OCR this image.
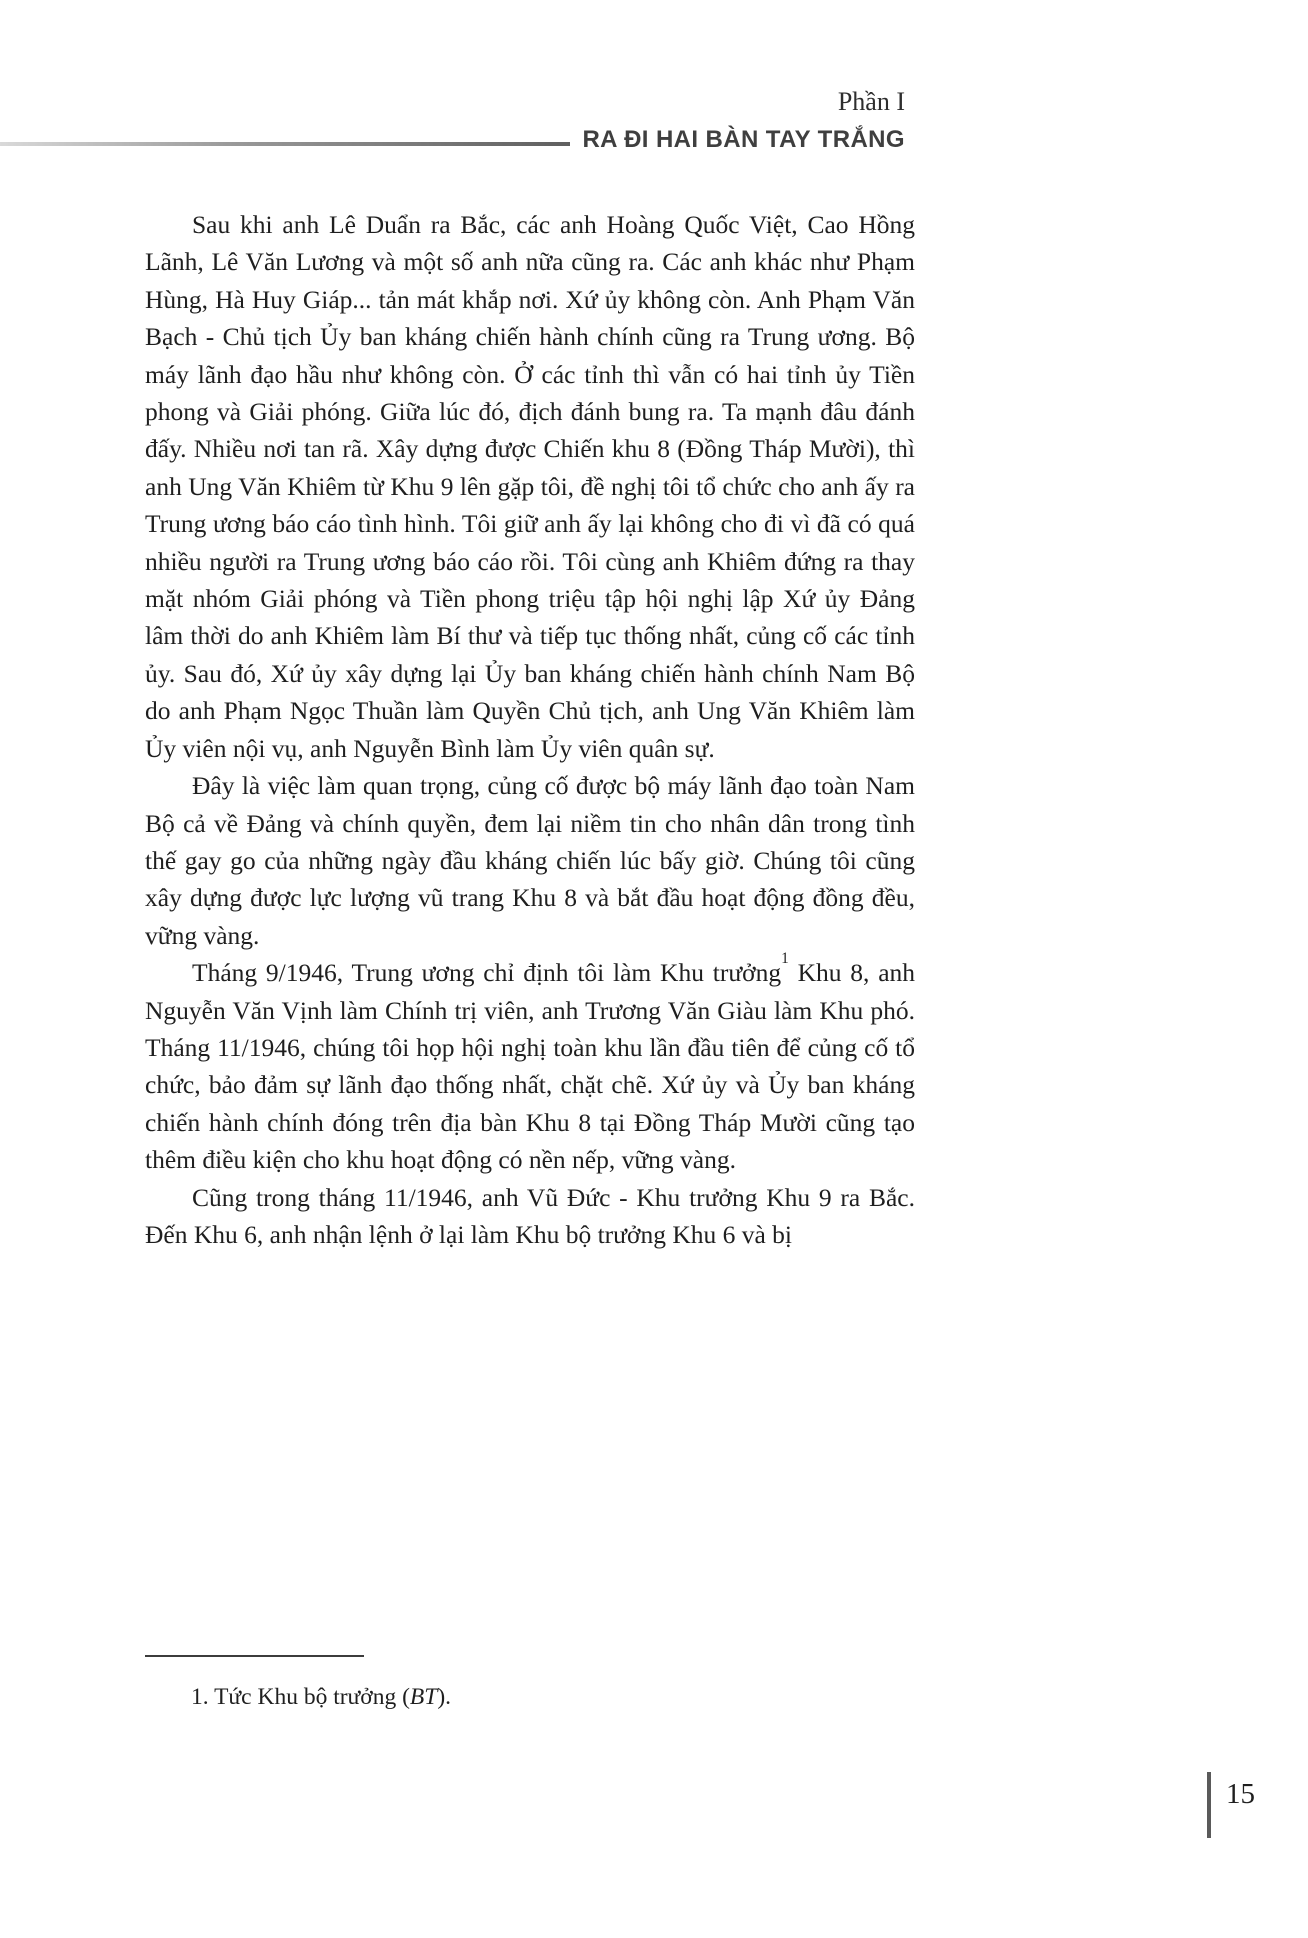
Phần I
RA ĐI HAI BÀN TAY TRẮNG

Sau khi anh Lê Duẩn ra Bắc, các anh Hoàng Quốc Việt, Cao Hồng Lãnh, Lê Văn Lương và một số anh nữa cũng ra. Các anh khác như Phạm Hùng, Hà Huy Giáp... tản mát khắp nơi. Xứ ủy không còn. Anh Phạm Văn Bạch - Chủ tịch Ủy ban kháng chiến hành chính cũng ra Trung ương. Bộ máy lãnh đạo hầu như không còn. Ở các tỉnh thì vẫn có hai tỉnh ủy Tiền phong và Giải phóng. Giữa lúc đó, địch đánh bung ra. Ta mạnh đâu đánh đấy. Nhiều nơi tan rã. Xây dựng được Chiến khu 8 (Đồng Tháp Mười), thì anh Ung Văn Khiêm từ Khu 9 lên gặp tôi, đề nghị tôi tổ chức cho anh ấy ra Trung ương báo cáo tình hình. Tôi giữ anh ấy lại không cho đi vì đã có quá nhiều người ra Trung ương báo cáo rồi. Tôi cùng anh Khiêm đứng ra thay mặt nhóm Giải phóng và Tiền phong triệu tập hội nghị lập Xứ ủy Đảng lâm thời do anh Khiêm làm Bí thư và tiếp tục thống nhất, củng cố các tỉnh ủy. Sau đó, Xứ ủy xây dựng lại Ủy ban kháng chiến hành chính Nam Bộ do anh Phạm Ngọc Thuần làm Quyền Chủ tịch, anh Ung Văn Khiêm làm Ủy viên nội vụ, anh Nguyễn Bình làm Ủy viên quân sự.

Đây là việc làm quan trọng, củng cố được bộ máy lãnh đạo toàn Nam Bộ cả về Đảng và chính quyền, đem lại niềm tin cho nhân dân trong tình thế gay go của những ngày đầu kháng chiến lúc bấy giờ. Chúng tôi cũng xây dựng được lực lượng vũ trang Khu 8 và bắt đầu hoạt động đồng đều, vững vàng.

Tháng 9/1946, Trung ương chỉ định tôi làm Khu trưởng$^1$ Khu 8, anh Nguyễn Văn Vịnh làm Chính trị viên, anh Trương Văn Giàu làm Khu phó. Tháng 11/1946, chúng tôi họp hội nghị toàn khu lần đầu tiên để củng cố tổ chức, bảo đảm sự lãnh đạo thống nhất, chặt chẽ. Xứ ủy và Ủy ban kháng chiến hành chính đóng trên địa bàn Khu 8 tại Đồng Tháp Mười cũng tạo thêm điều kiện cho khu hoạt động có nền nếp, vững vàng.

Cũng trong tháng 11/1946, anh Vũ Đức - Khu trưởng Khu 9 ra Bắc. Đến Khu 6, anh nhận lệnh ở lại làm Khu bộ trưởng Khu 6 và bị

1. Tức Khu bộ trưởng (BT).

15
